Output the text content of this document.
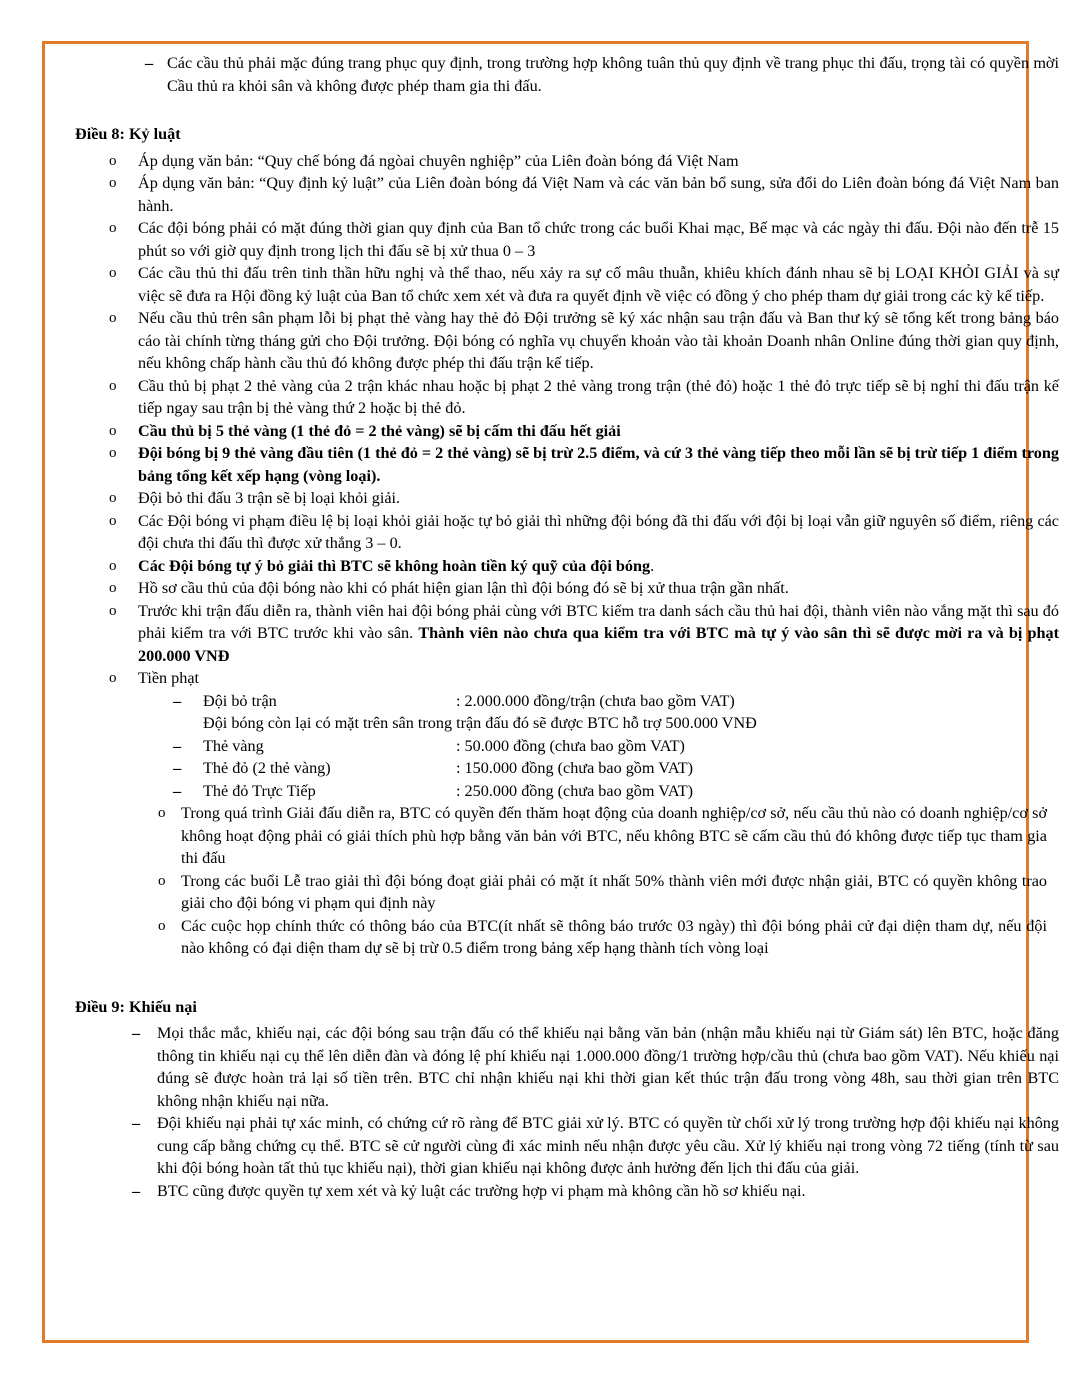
– Các cầu thủ phải mặc đúng trang phục quy định, trong trường hợp không tuân thủ quy định về trang phục thi đấu, trọng tài có quyền mời Cầu thủ ra khỏi sân và không được phép tham gia thi đấu.
Điều 8: Kỷ luật
o Áp dụng văn bản: “Quy chế bóng đá ngòai chuyên nghiệp” của Liên đoàn bóng đá Việt Nam
o Áp dụng văn bản: “Quy định kỷ luật” của Liên đoàn bóng đá Việt Nam và các văn bản bổ sung, sửa đổi do Liên đoàn bóng đá Việt Nam ban hành.
o Các đội bóng phải có mặt đúng thời gian quy định của Ban tổ chức trong các buổi Khai mạc, Bế mạc và các ngày thi đấu. Đội nào đến trễ 15 phút so với giờ quy định trong lịch thi đấu sẽ bị xử thua 0 – 3
o Các cầu thủ thi đấu trên tinh thần hữu nghị và thể thao, nếu xảy ra sự cố mâu thuẫn, khiêu khích đánh nhau sẽ bị LOẠI KHỎI GIẢI và sự việc sẽ đưa ra Hội đồng kỷ luật của Ban tổ chức xem xét và đưa ra quyết định về việc có đồng ý cho phép tham dự giải trong các kỳ kế tiếp.
o Nếu cầu thủ trên sân phạm lỗi bị phạt thẻ vàng hay thẻ đỏ Đội trưởng sẽ ký xác nhận sau trận đấu và Ban thư ký sẽ tổng kết trong bảng báo cáo tài chính từng tháng gửi cho Đội trưởng. Đội bóng có nghĩa vụ chuyển khoản vào tài khoản Doanh nhân Online đúng thời gian quy định, nếu không chấp hành cầu thủ đó không được phép thi đấu trận kế tiếp.
o Cầu thủ bị phạt 2 thẻ vàng của 2 trận khác nhau hoặc bị phạt 2 thẻ vàng trong trận (thẻ đỏ) hoặc 1 thẻ đỏ trực tiếp sẽ bị nghỉ thi đấu trận kế tiếp ngay sau trận bị thẻ vàng thứ 2 hoặc bị thẻ đỏ.
o Cầu thủ bị 5 thẻ vàng (1 thẻ đỏ = 2 thẻ vàng) sẽ bị cấm thi đấu hết giải
o Đội bóng bị 9 thẻ vàng đầu tiên (1 thẻ đỏ = 2 thẻ vàng) sẽ bị trừ 2.5 điểm, và cứ 3 thẻ vàng tiếp theo mỗi lần sẽ bị trừ tiếp 1 điểm trong bảng tổng kết xếp hạng (vòng loại).
o Đội bỏ thi đấu 3 trận sẽ bị loại khỏi giải.
o Các Đội bóng vi phạm điều lệ bị loại khỏi giải hoặc tự bỏ giải thì những đội bóng đã thi đấu với đội bị loại vẫn giữ nguyên số điểm, riêng các đội chưa thi đấu thì được xử thắng 3 – 0.
o Các Đội bóng tự ý bỏ giải thì BTC sẽ không hoàn tiền ký quỹ của đội bóng.
o Hồ sơ cầu thủ của đội bóng nào khi có phát hiện gian lận thì đội bóng đó sẽ bị xử thua trận gần nhất.
o Trước khi trận đấu diễn ra, thành viên hai đội bóng phải cùng với BTC kiểm tra danh sách cầu thủ hai đội, thành viên nào vắng mặt thì sau đó phải kiểm tra với BTC trước khi vào sân. Thành viên nào chưa qua kiểm tra với BTC mà tự ý vào sân thì sẽ được mời ra và bị phạt 200.000 VNĐ
o Tiền phạt
– Đội bỏ trận	: 2.000.000 đồng/trận (chưa bao gồm VAT)
Đội bóng còn lại có mặt trên sân trong trận đấu đó sẽ được BTC hỗ trợ 500.000 VNĐ
– Thẻ vàng	: 50.000 đồng (chưa bao gồm VAT)
– Thẻ đỏ (2 thẻ vàng)	: 150.000 đồng (chưa bao gồm VAT)
– Thẻ đỏ Trực Tiếp	: 250.000 đồng (chưa bao gồm VAT)
o Trong quá trình Giải đấu diễn ra, BTC có quyền đến thăm hoạt động của doanh nghiệp/cơ sở, nếu cầu thủ nào có doanh nghiệp/cơ sở không hoạt động phải có giải thích phù hợp bằng văn bản với BTC, nếu không BTC sẽ cấm cầu thủ đó không được tiếp tục tham gia thi đấu
o Trong các buổi Lễ trao giải thì đội bóng đoạt giải phải có mặt ít nhất 50% thành viên mới được nhận giải, BTC có quyền không trao giải cho đội bóng vi phạm qui định này
o Các cuộc họp chính thức có thông báo của BTC(ít nhất sẽ thông báo trước 03 ngày) thì đội bóng phải cử đại diện tham dự, nếu đội nào không có đại diện tham dự sẽ bị trừ 0.5 điểm trong bảng xếp hạng thành tích vòng loại
Điều 9: Khiếu nại
– Mọi thắc mắc, khiếu nại, các đội bóng sau trận đấu có thể khiếu nại bằng văn bản (nhận mẫu khiếu nại từ Giám sát) lên BTC, hoặc đăng thông tin khiếu nại cụ thể lên diễn đàn và đóng lệ phí khiếu nại 1.000.000 đồng/1 trường hợp/cầu thủ (chưa bao gồm VAT). Nếu khiếu nại đúng sẽ được hoàn trả lại số tiền trên. BTC chỉ nhận khiếu nại khi thời gian kết thúc trận đấu trong vòng 48h, sau thời gian trên BTC không nhận khiếu nại nữa.
– Đội khiếu nại phải tự xác minh, có chứng cứ rõ ràng để BTC giải xử lý. BTC có quyền từ chối xử lý trong trường hợp đội khiếu nại không cung cấp bằng chứng cụ thể. BTC sẽ cử người cùng đi xác minh nếu nhận được yêu cầu. Xử lý khiếu nại trong vòng 72 tiếng (tính từ sau khi đội bóng hoàn tất thủ tục khiếu nại), thời gian khiếu nại không được ảnh hưởng đến lịch thi đấu của giải.
– BTC cũng được quyền tự xem xét và kỷ luật các trường hợp vi phạm mà không cần hồ sơ khiếu nại.
